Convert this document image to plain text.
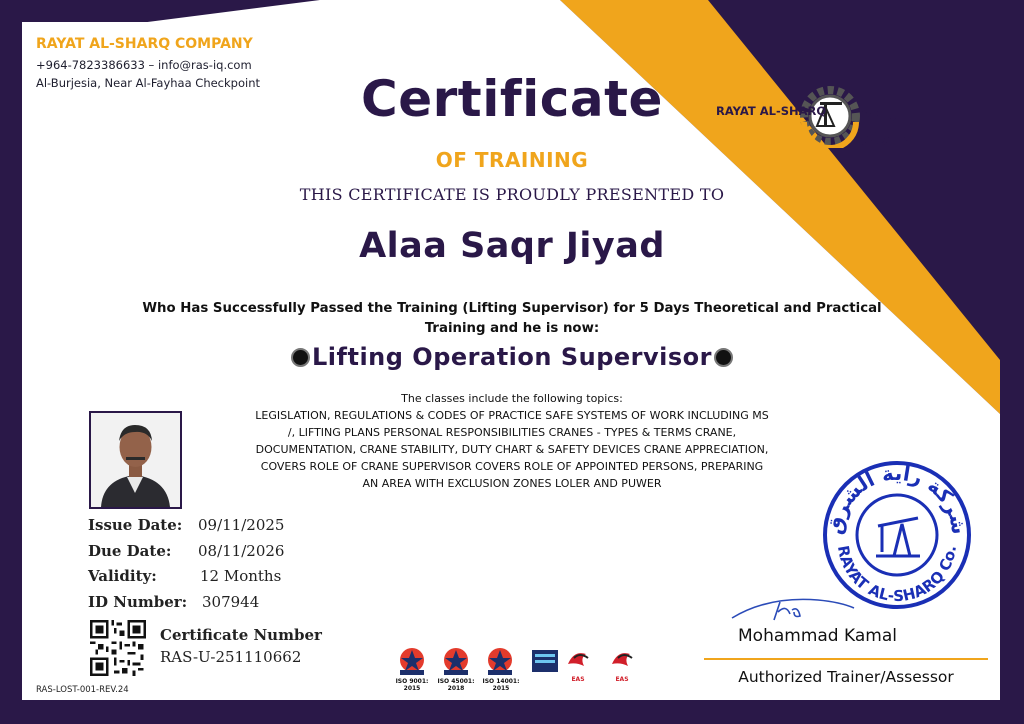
RAYAT AL-SHARQ COMPANY
+964-7823386633 – info@ras-iq.com
Al-Burjesia, Near Al-Fayhaa Checkpoint
RAYAT AL-SHARQ راية الشرق
Certificate
OF TRAINING
THIS CERTIFICATE IS PROUDLY PRESENTED TO
Alaa Saqr Jiyad
Who Has Successfully Passed the Training (Lifting Supervisor) for 5 Days Theoretical and Practical
Training and he is now:
Lifting Operation Supervisor
The classes include the following topics:
LEGISLATION, REGULATIONS & CODES OF PRACTICE SAFE SYSTEMS OF WORK INCLUDING MS
/, LIFTING PLANS PERSONAL RESPONSIBILITIES CRANES - TYPES & TERMS CRANE,
DOCUMENTATION, CRANE STABILITY, DUTY CHART & SAFETY DEVICES CRANE APPRECIATION,
COVERS ROLE OF CRANE SUPERVISOR COVERS ROLE OF APPOINTED PERSONS, PREPARING
AN AREA WITH EXCLUSION ZONES LOLER AND PUWER
Issue Date: 09/11/2025
Due Date: 08/11/2026
Validity:	12 Months
ID Number: 307944
Certificate Number
RAS-U-251110662
ISO 9001:
2015
ISO 45001:
2018
ISO 14001:
2015
LEEA
EAS	EAS
شركة راية الشرق
RAYAT AL-SHARQ Co.
Mohammad Kamal
Authorized Trainer/Assessor
RAS-LOST-001-REV.24
